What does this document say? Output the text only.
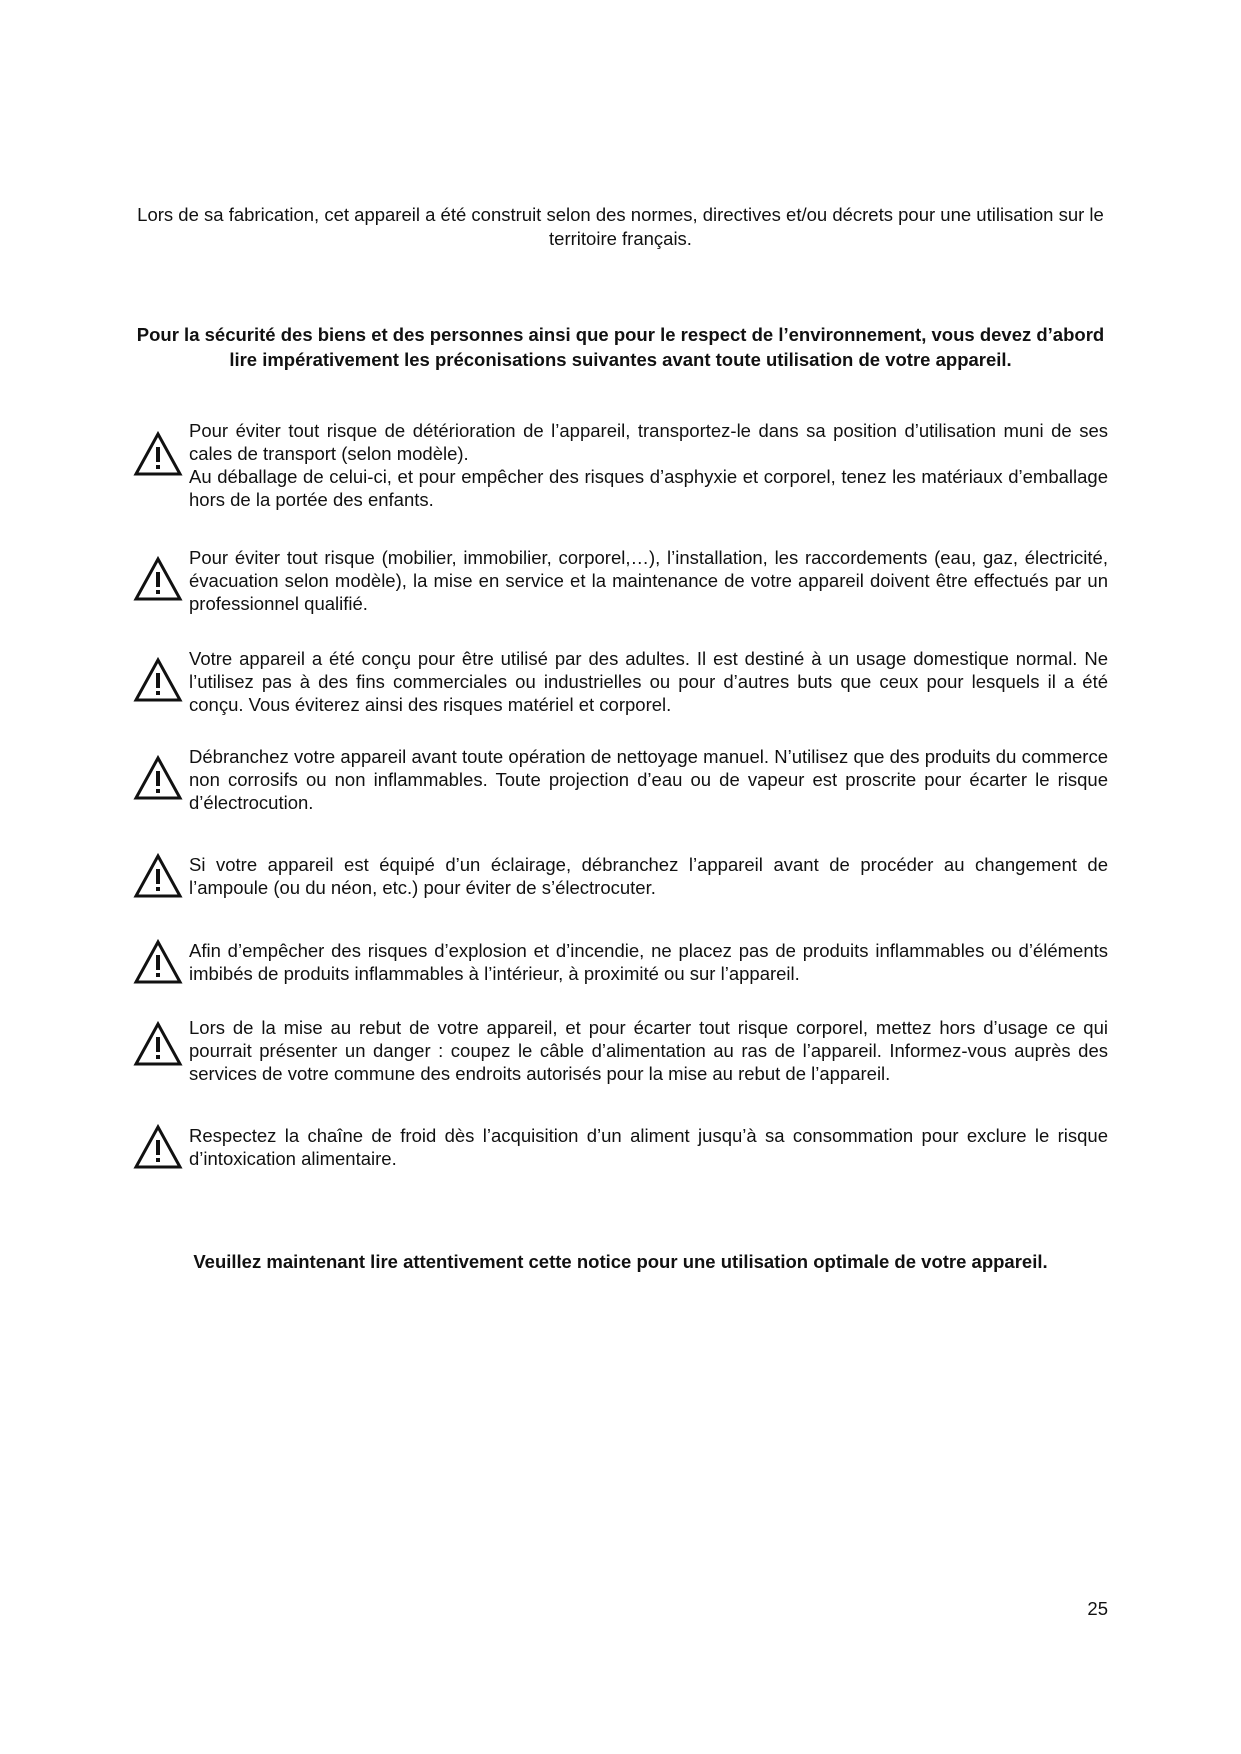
Lors de sa fabrication, cet appareil a été construit selon des normes, directives et/ou décrets pour une utilisation sur le territoire français.

Pour la sécurité des biens et des personnes ainsi que pour le respect de l’environnement, vous devez d’abord lire impérativement les préconisations suivantes avant toute utilisation de votre appareil.

Pour éviter tout risque de détérioration de l’appareil, transportez-le dans sa position d’utilisation muni de ses cales de transport (selon modèle).

Au déballage de celui-ci, et pour empêcher des risques d’asphyxie et corporel, tenez les matériaux d’emballage hors de la portée des enfants.

Pour éviter tout risque (mobilier, immobilier, corporel,…), l’installation, les raccordements (eau, gaz, électricité, évacuation selon modèle), la mise en service et la maintenance de votre appareil doivent être effectués par un professionnel qualifié.

Votre appareil a été conçu pour être utilisé par des adultes. Il est destiné à un usage domestique normal. Ne l’utilisez pas à des fins commerciales ou industrielles ou pour d’autres buts que ceux pour lesquels il a été conçu. Vous éviterez ainsi des risques matériel et corporel.

Débranchez votre appareil avant toute opération de nettoyage manuel. N’utilisez que des produits du commerce non corrosifs ou non inflammables. Toute projection d’eau ou de vapeur est proscrite pour écarter le risque d’électrocution.

Si votre appareil est équipé d’un éclairage, débranchez l’appareil avant de procéder au changement de l’ampoule (ou du néon, etc.) pour éviter de s’électrocuter.

Afin d’empêcher des risques d’explosion et d’incendie, ne placez pas de produits inflammables ou d’éléments imbibés de produits inflammables à l’intérieur, à proximité ou sur l’appareil.

Lors de la mise au rebut de votre appareil, et pour écarter tout risque corporel, mettez hors d’usage ce qui pourrait présenter un danger : coupez le câble d’alimentation au ras de l’appareil. Informez-vous auprès des services de votre commune des endroits autorisés pour la mise au rebut de l’appareil.

Respectez la chaîne de froid dès l’acquisition d’un aliment jusqu’à sa consommation pour exclure le risque d’intoxication alimentaire.

Veuillez maintenant lire attentivement cette notice pour une utilisation optimale de votre appareil.

25
